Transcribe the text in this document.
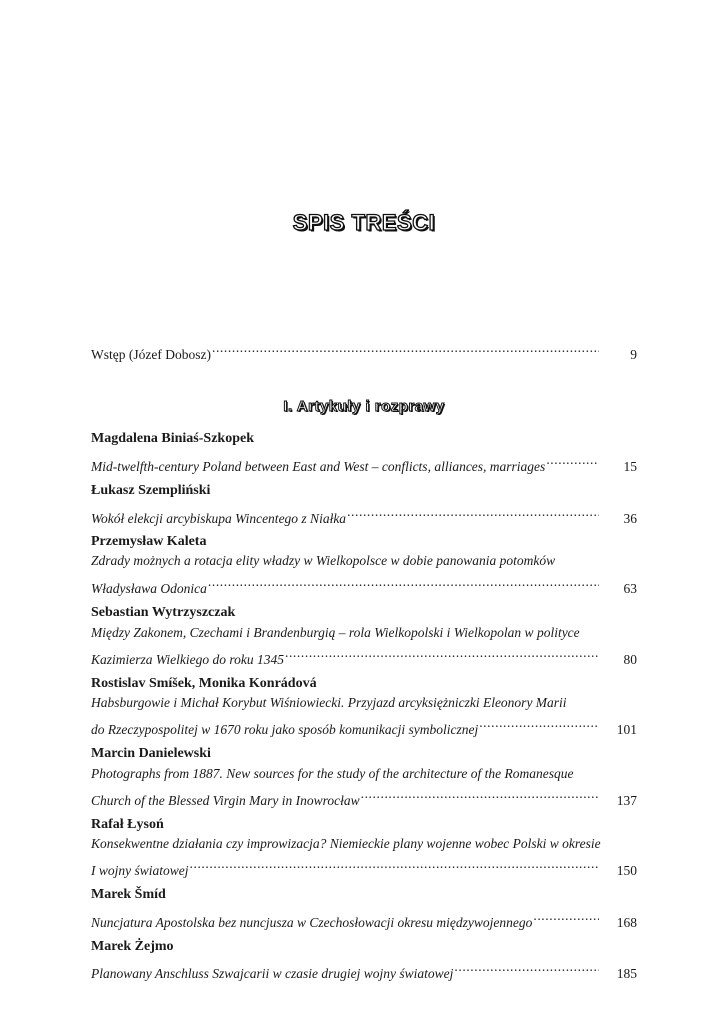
SPIS TREŚCI
Wstęp (Józef Dobosz) .....	9
I. Artykuły i rozprawy
Magdalena Biniaś-Szkopek
Mid-twelfth-century Poland between East and West – conflicts, alliances, marriages .....	15
Łukasz Szempliński
Wokół elekcji arcybiskupa Wincentego z Niałka .....	36
Przemysław Kaleta
Zdrady możnych a rotacja elity władzy w Wielkopolsce w dobie panowania potomków
Władysława Odonica .....	63
Sebastian Wytrzyszczak
Między Zakonem, Czechami i Brandenburgią – rola Wielkopolski i Wielkopolan w polityce
Kazimierza Wielkiego do roku 1345 .....	80
Rostislav Smíšek, Monika Konrádová
Habsburgowie i Michał Korybut Wiśniowiecki. Przyjazd arcyksiężniczki Eleonory Marii
do Rzeczypospolitej w 1670 roku jako sposób komunikacji symbolicznej .....	101
Marcin Danielewski
Photographs from 1887. New sources for the study of the architecture of the Romanesque
Church of the Blessed Virgin Mary in Inowrocław .....	137
Rafał Łysoń
Konsekwentne działania czy improwizacja? Niemieckie plany wojenne wobec Polski w okresie
I wojny światowej .....	150
Marek Šmíd
Nuncjatura Apostolska bez nuncjusza w Czechosłowacji okresu międzywojennego .....	168
Marek Żejmo
Planowany Anschluss Szwajcarii w czasie drugiej wojny światowej .....	185
